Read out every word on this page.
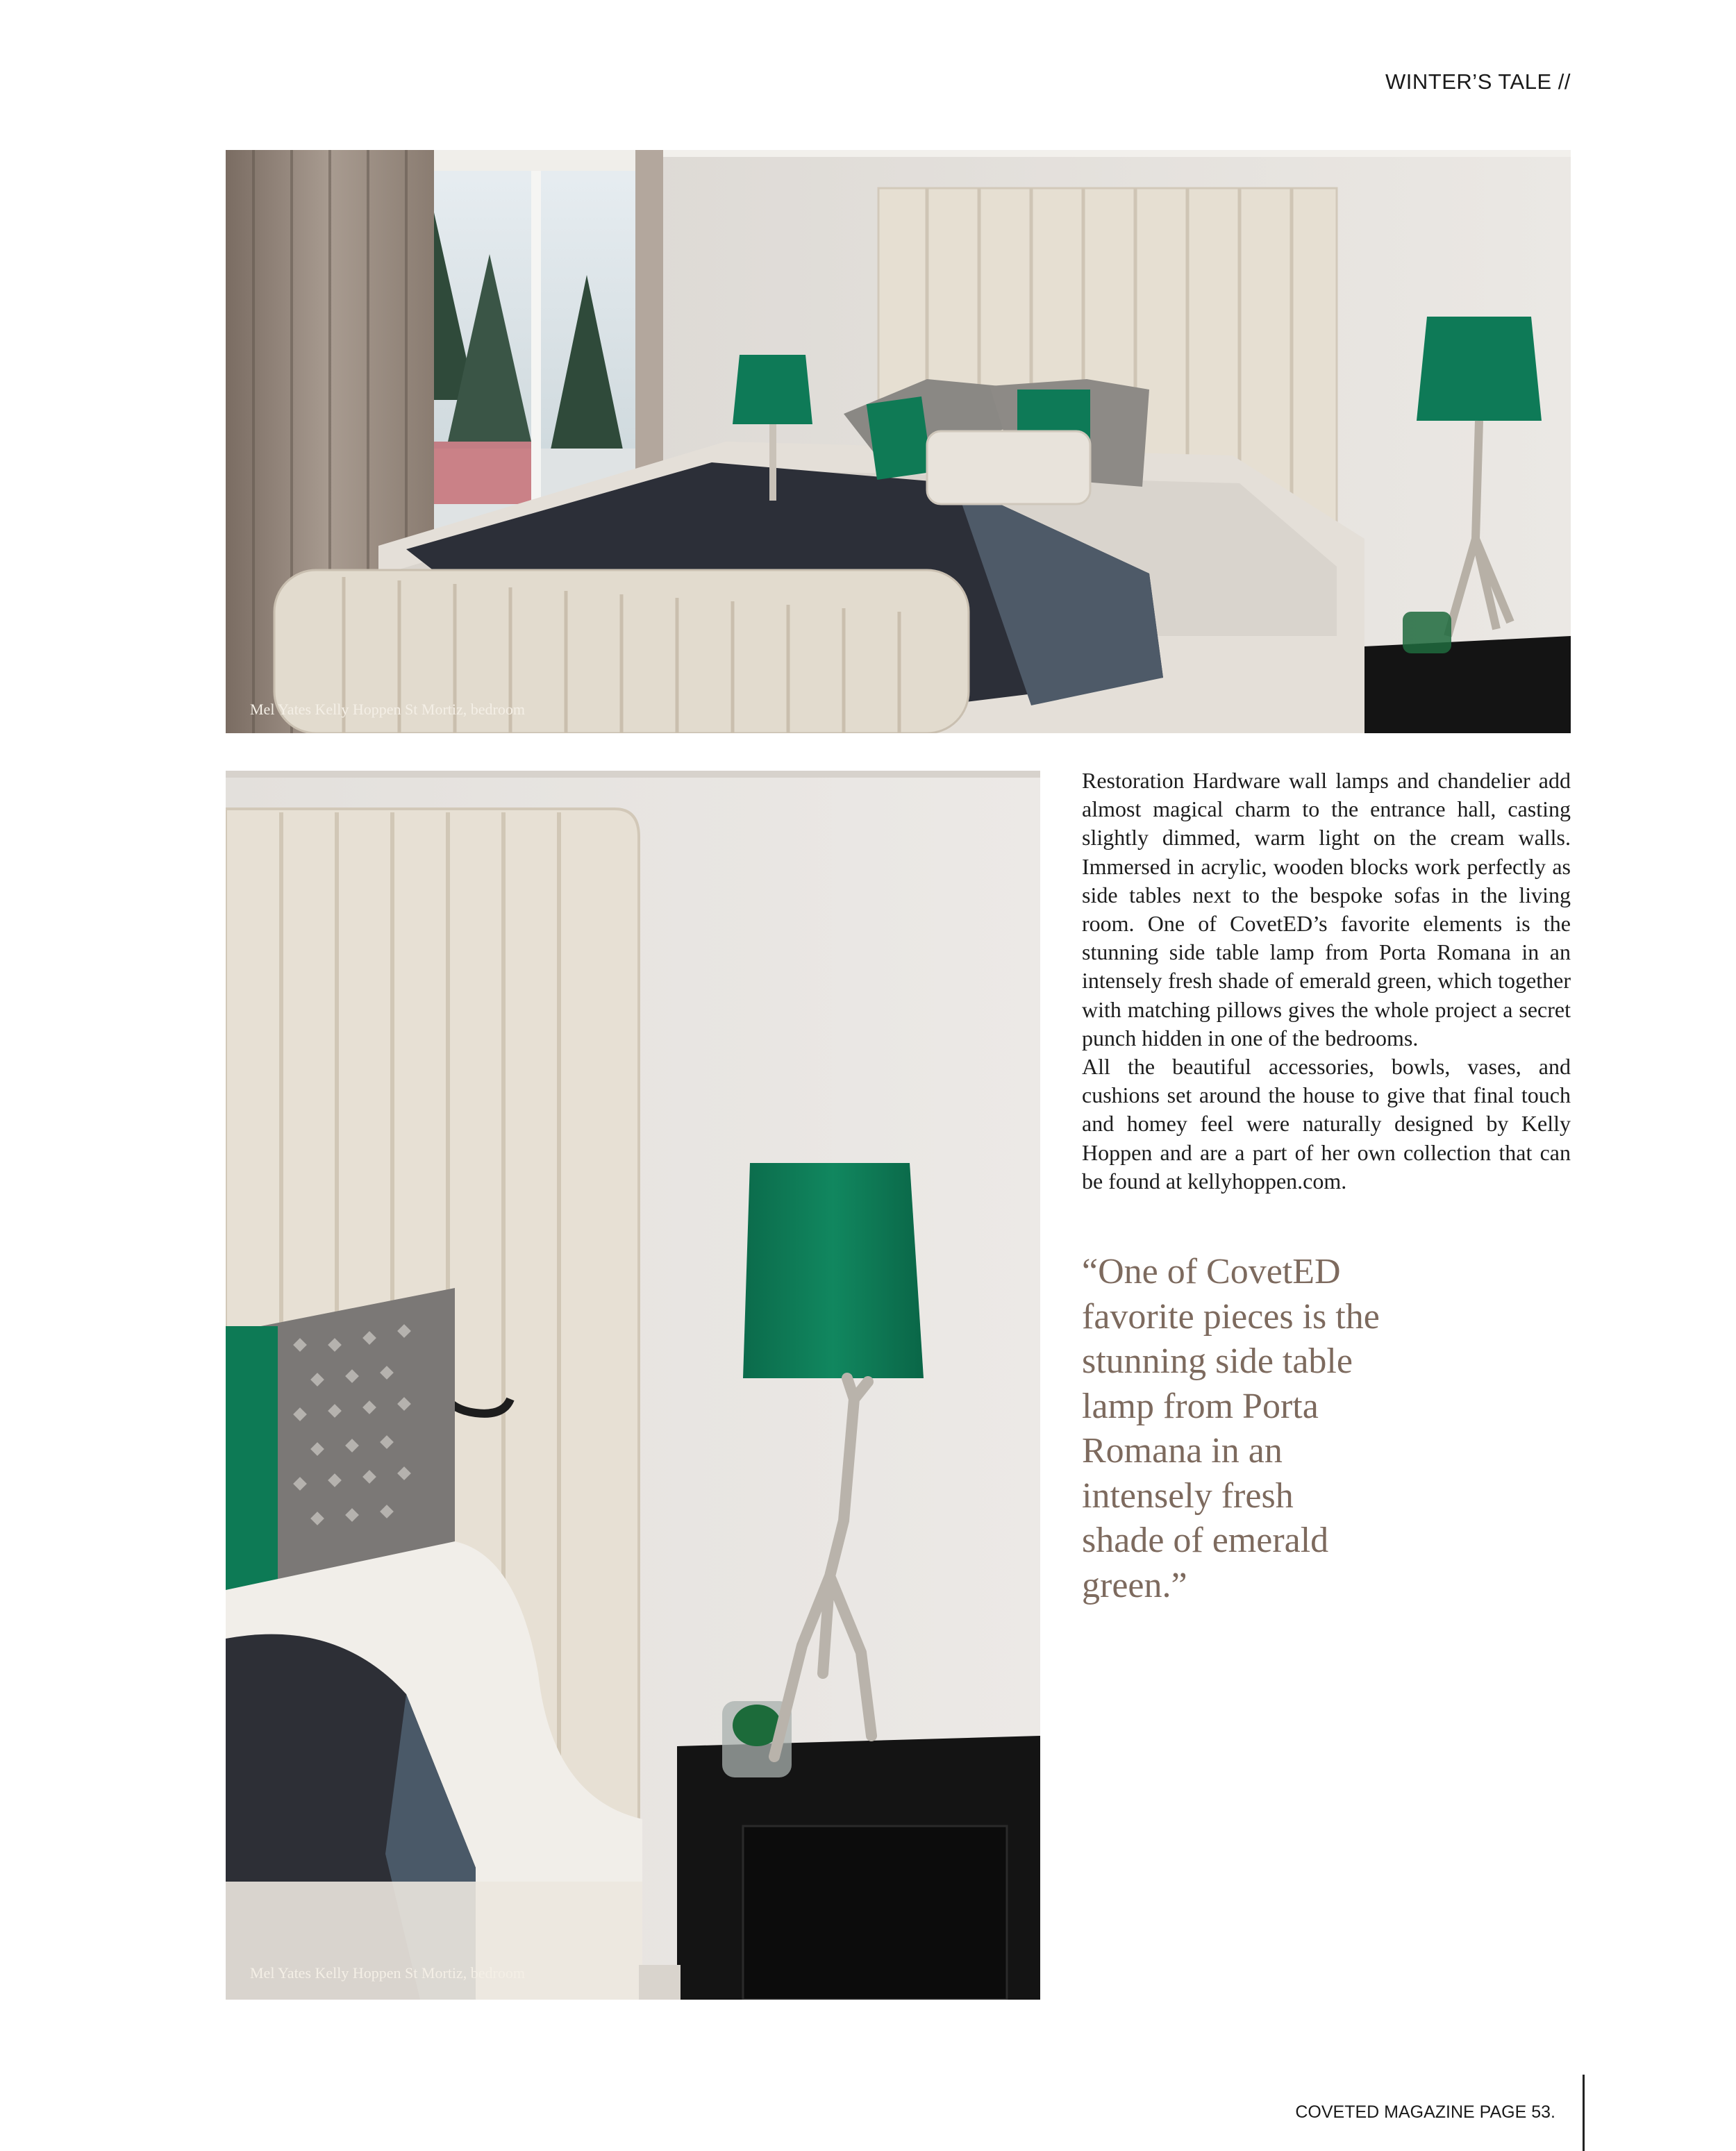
WINTER’S TALE //
Mel Yates Kelly Hoppen St Mortiz, bedroom
Mel Yates Kelly Hoppen St Mortiz, bedroom

Restoration Hardware wall lamps and chandelier add almost magical charm to the entrance hall, casting slightly dimmed, warm light on the cream walls. Immersed in acrylic, wooden blocks work perfectly as side tables next to the bespoke sofas in the living room. One of CovetED’s favorite elements is the stunning side table lamp from Porta Romana in an intensely fresh shade of emerald green, which together with matching pillows gives the whole project a secret punch hidden in one of the bedrooms.

All the beautiful accessories, bowls, vases, and cushions set around the house to give that final touch and homey feel were naturally designed by Kelly Hoppen and are a part of her own collection that can be found at kellyhoppen.com.

“One of CovetED favorite pieces is the stunning side table lamp from Porta Romana in an intensely fresh shade of emerald green.”

COVETED MAGAZINE PAGE 53.
